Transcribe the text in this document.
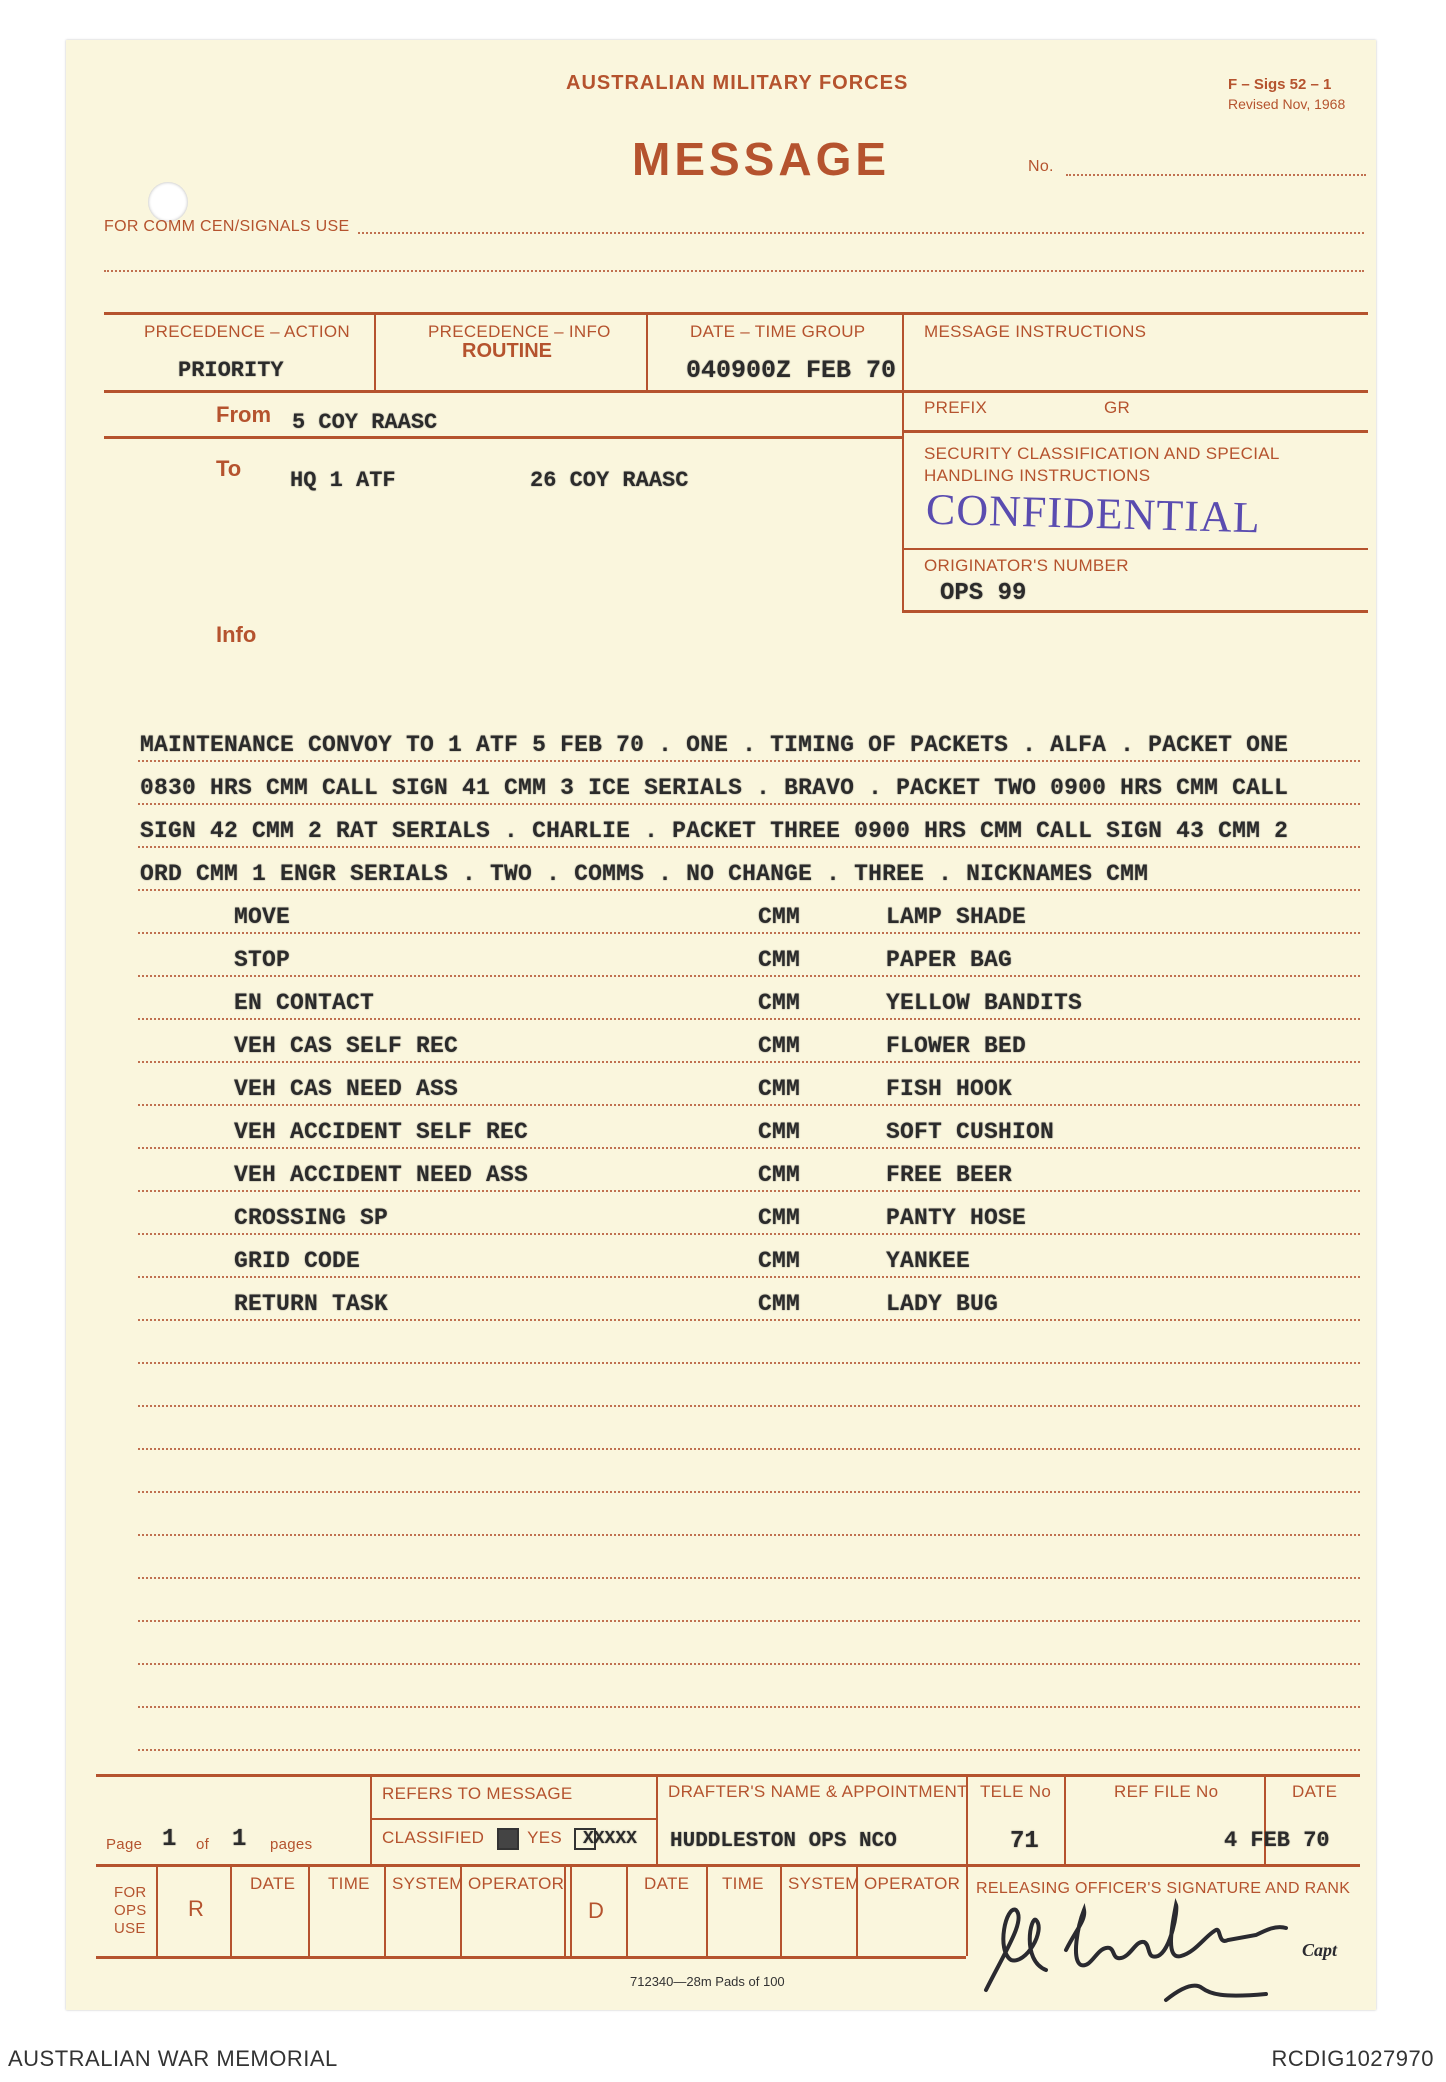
AUSTRALIAN MILITARY FORCES	F – Sigs 52 – 1
Revised Nov, 1968
MESSAGE	No.
FOR COMM CEN/SIGNALS USE
PRECEDENCE – ACTION
PRIORITY
PRECEDENCE – INFO
ROUTINE
DATE – TIME GROUP
040900Z FEB 70
MESSAGE INSTRUCTIONS
PREFIX	GR
From 5 COY RAASC
To HQ 1 ATF	26 COY RAASC
SECURITY CLASSIFICATION AND SPECIAL
HANDLING INSTRUCTIONS
CONFIDENTIAL
ORIGINATOR'S NUMBER
OPS 99
Info
MAINTENANCE CONVOY TO 1 ATF 5 FEB 70 . ONE . TIMING OF PACKETS . ALFA . PACKET ONE
0830 HRS CMM CALL SIGN 41 CMM 3 ICE SERIALS . BRAVO . PACKET TWO 0900 HRS CMM CALL
SIGN 42 CMM 2 RAT SERIALS . CHARLIE . PACKET THREE 0900 HRS CMM CALL SIGN 43 CMM 2
ORD CMM 1 ENGR SERIALS . TWO . COMMS . NO CHANGE . THREE . NICKNAMES CMM
MOVE	CMM	LAMP SHADE
STOP	CMM	PAPER BAG
EN CONTACT	CMM	YELLOW BANDITS
VEH CAS SELF REC	CMM	FLOWER BED
VEH CAS NEED ASS	CMM	FISH HOOK
VEH ACCIDENT SELF REC	CMM	SOFT CUSHION
VEH ACCIDENT NEED ASS	CMM	FREE BEER
CROSSING SP	CMM	PANTY HOSE
GRID CODE	CMM	YANKEE
RETURN TASK	CMM	LADY BUG
Page 1 of 1 pages
REFERS TO MESSAGE
CLASSIFIED	YES XXXXX
DRAFTER'S NAME & APPOINTMENT
HUDDLESTON OPS NCO
TELE No
71
REF FILE No	DATE
4 FEB 70
FOR
OPS
USE
R
DATE TIME SYSTEM OPERATOR
D
DATE TIME SYSTEM OPERATOR RELEASING OFFICER'S SIGNATURE AND RANK
Capt
712340—28m Pads of 100
AUSTRALIAN WAR MEMORIAL	RCDIG1027970
